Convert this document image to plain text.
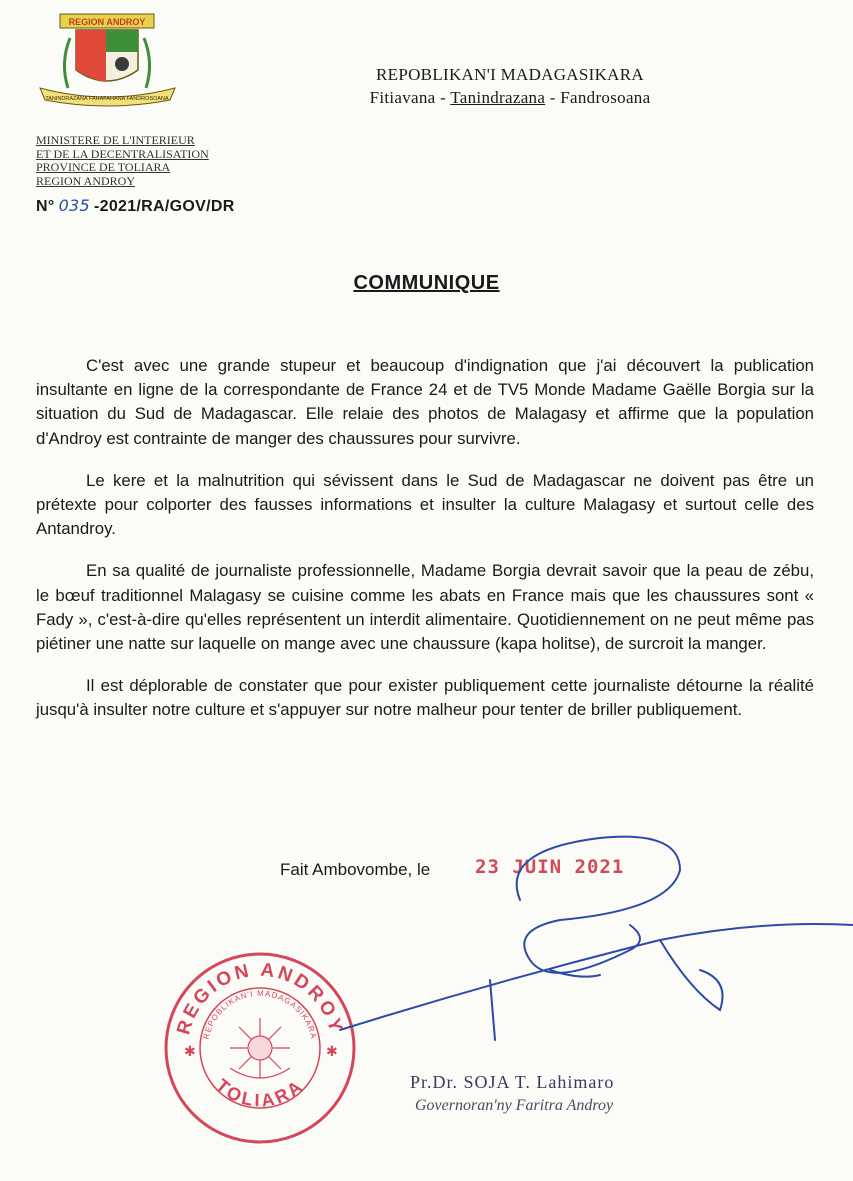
REGION ANDROY
TANINDRAZANA FAHAFAHANA FANDROSOANA
REPOBLIKAN'I MADAGASIKARA
Fitiavana - Tanindrazana - Fandrosoana
MINISTERE DE L'INTERIEUR
ET DE LA DECENTRALISATION
PROVINCE DE TOLIARA
REGION ANDROY
N° 035 -2021/RA/GOV/DR
COMMUNIQUE

C'est avec une grande stupeur et beaucoup d'indignation que j'ai découvert la publication insultante en ligne de la correspondante de France 24 et de TV5 Monde Madame Gaëlle Borgia sur la situation du Sud de Madagascar. Elle relaie des photos de Malagasy et affirme que la population d'Androy est contrainte de manger des chaussures pour survivre.

Le kere et la malnutrition qui sévissent dans le Sud de Madagascar ne doivent pas être un prétexte pour colporter des fausses informations et insulter la culture Malagasy et surtout celle des Antandroy.

En sa qualité de journaliste professionnelle, Madame Borgia devrait savoir que la peau de zébu, le bœuf traditionnel Malagasy se cuisine comme les abats en France mais que les chaussures sont « Fady », c'est-à-dire qu'elles représentent un interdit alimentaire. Quotidiennement on ne peut même pas piétiner une natte sur laquelle on mange avec une chaussure (kapa holitse), de surcroit la manger.

Il est déplorable de constater que pour exister publiquement cette journaliste détourne la réalité jusqu'à insulter notre culture et s'appuyer sur notre malheur pour tenter de briller publiquement.

Fait Ambovombe, le 23 JUIN 2021
REGION ANDROY
REPOBLIKAN'I MADAGASIKARA
TOLIARA
✱	✱
Pr.Dr. SOJA T. Lahimaro
Governoran'ny Faritra Androy
